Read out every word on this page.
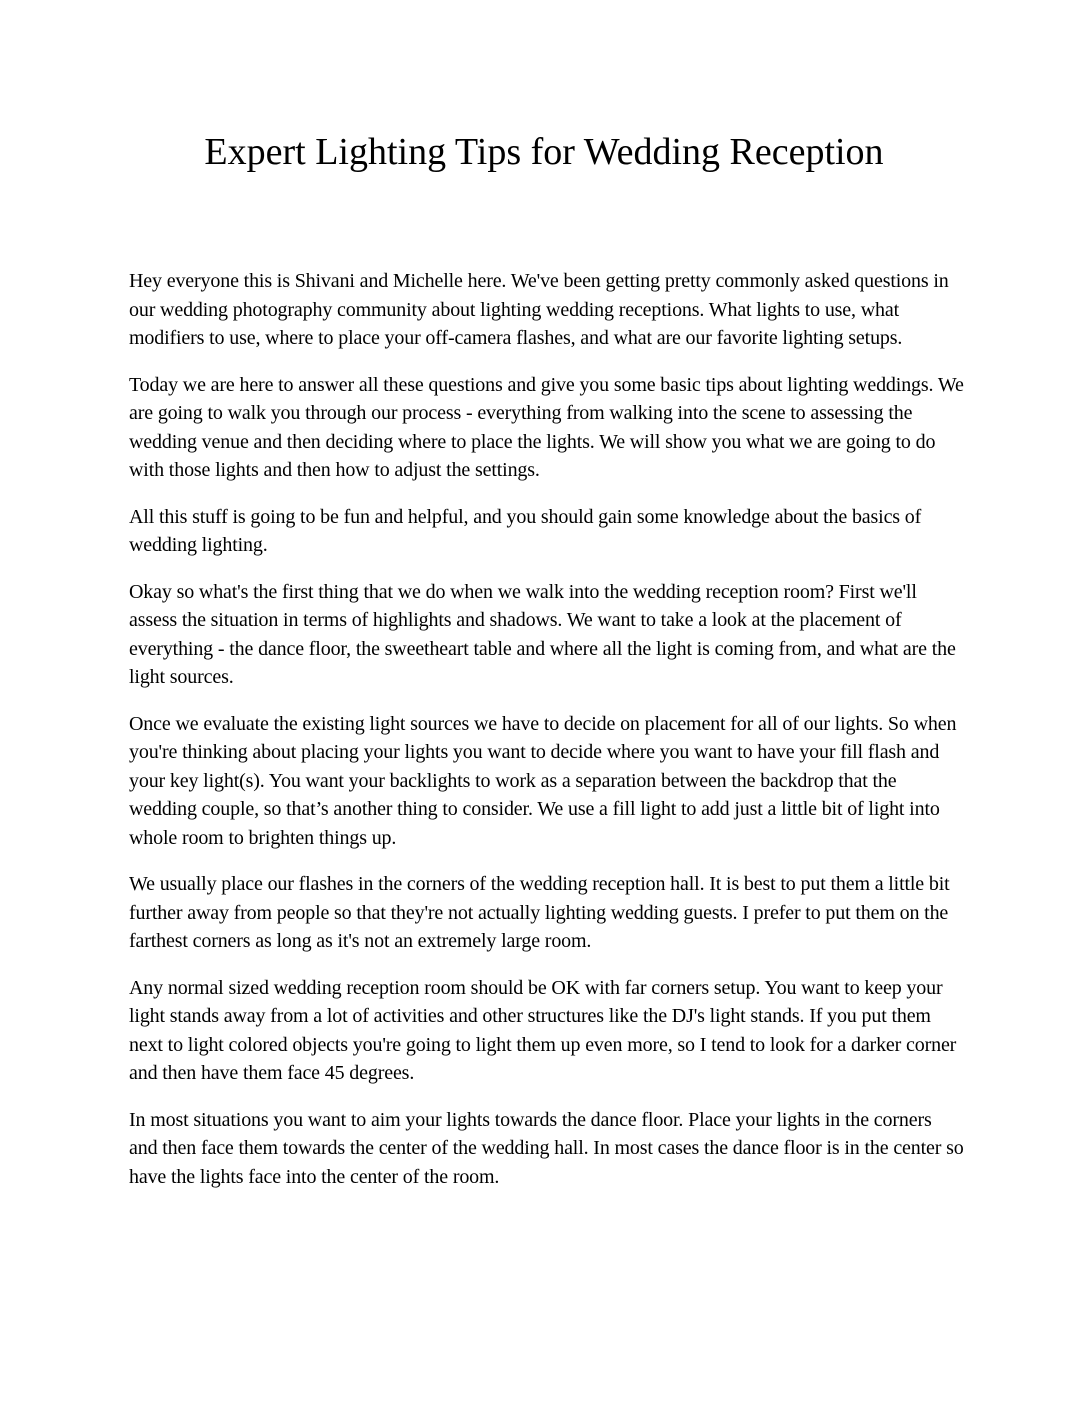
Expert Lighting Tips for Wedding Reception

Hey everyone this is Shivani and Michelle here. We've been getting pretty commonly asked questions in our wedding photography community about lighting wedding receptions. What lights to use, what modifiers to use, where to place your off-camera flashes, and what are our favorite lighting setups.

Today we are here to answer all these questions and give you some basic tips about lighting weddings. We are going to walk you through our process - everything from walking into the scene to assessing the wedding venue and then deciding where to place the lights. We will show you what we are going to do with those lights and then how to adjust the settings.

All this stuff is going to be fun and helpful, and you should gain some knowledge about the basics of wedding lighting.

Okay so what's the first thing that we do when we walk into the wedding reception room? First we'll assess the situation in terms of highlights and shadows. We want to take a look at the placement of everything - the dance floor, the sweetheart table and where all the light is coming from, and what are the light sources.

Once we evaluate the existing light sources we have to decide on placement for all of our lights. So when you're thinking about placing your lights you want to decide where you want to have your fill flash and your key light(s). You want your backlights to work as a separation between the backdrop that the wedding couple, so that’s another thing to consider. We use a fill light to add just a little bit of light into whole room to brighten things up.

We usually place our flashes in the corners of the wedding reception hall. It is best to put them a little bit further away from people so that they're not actually lighting wedding guests. I prefer to put them on the farthest corners as long as it's not an extremely large room.

Any normal sized wedding reception room should be OK with far corners setup. You want to keep your light stands away from a lot of activities and other structures like the DJ's light stands. If you put them next to light colored objects you're going to light them up even more, so I tend to look for a darker corner and then have them face 45 degrees.

In most situations you want to aim your lights towards the dance floor. Place your lights in the corners and then face them towards the center of the wedding hall. In most cases the dance floor is in the center so have the lights face into the center of the room.
